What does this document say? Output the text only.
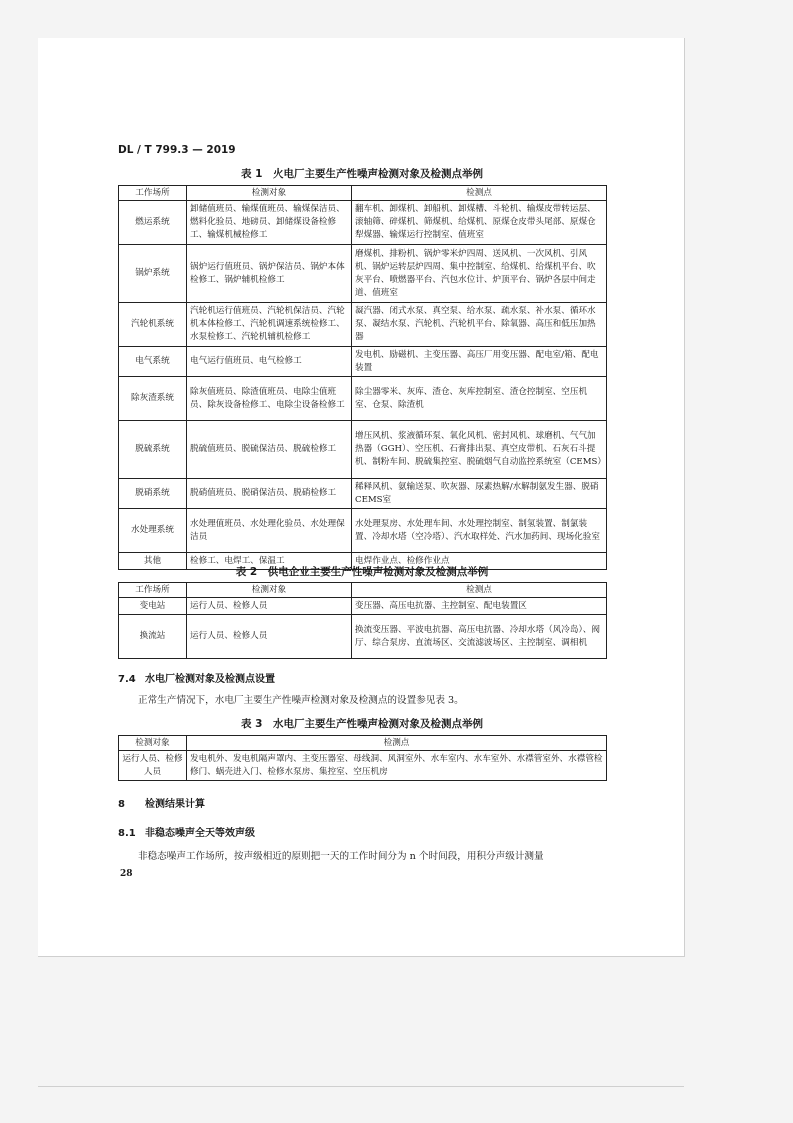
DL / T 799.3 — 2019
表 1　火电厂主要生产性噪声检测对象及检测点举例
工作场所	检测对象	检测点
燃运系统	卸储值班员、输煤值班员、输煤保洁员、燃料化验员、地磅员、卸储煤设备检修工、输煤机械检修工	翻车机、卸煤机、卸船机、卸煤槽、斗轮机、输煤皮带转运层、滚轴筛、碎煤机、筛煤机、给煤机、原煤仓皮带头尾部、原煤仓犁煤器、输煤运行控制室、值班室
锅炉系统	锅炉运行值班员、锅炉保洁员、锅炉本体检修工、锅炉辅机检修工	磨煤机、排粉机、锅炉零米炉四周、送风机、一次风机、引风机、锅炉运转层炉四周、集中控制室、给煤机、给煤机平台、吹灰平台、喷燃器平台、汽包水位计、炉顶平台、锅炉各层中间走道、值班室
汽轮机系统	汽轮机运行值班员、汽轮机保洁员、汽轮机本体检修工、汽轮机调速系统检修工、水泵检修工、汽轮机辅机检修工	凝汽器、闭式水泵、真空泵、给水泵、疏水泵、补水泵、循环水泵、凝结水泵、汽轮机、汽轮机平台、除氧器、高压和低压加热器
电气系统	电气运行值班员、电气检修工	发电机、励磁机、主变压器、高压厂用变压器、配电室/箱、配电装置
除灰渣系统	除灰值班员、除渣值班员、电除尘值班员、除灰设备检修工、电除尘设备检修工	除尘器零米、灰库、渣仓、灰库控制室、渣仓控制室、空压机室、仓泵、除渣机
脱硫系统	脱硫值班员、脱硫保洁员、脱硫检修工	增压风机、浆液循环泵、氧化风机、密封风机、球磨机、气气加热器（GGH）、空压机、石膏排出泵、真空皮带机、石灰石斗提机、制粉车间、脱硫集控室、脱硫烟气自动监控系统室（CEMS）
脱硝系统	脱硝值班员、脱硝保洁员、脱硝检修工	稀释风机、氨输送泵、吹灰器、尿素热解/水解制氨发生器、脱硝CEMS室
水处理系统	水处理值班员、水处理化验员、水处理保洁员	水处理泵房、水处理车间、水处理控制室、制氢装置、制氯装置、冷却水塔（空冷塔）、汽水取样处、汽水加药间、现场化验室
其他	检修工、电焊工、保温工	电焊作业点、检修作业点
表 2　供电企业主要生产性噪声检测对象及检测点举例
工作场所	检测对象	检测点
变电站	运行人员、检修人员	变压器、高压电抗器、主控制室、配电装置区
换流站	运行人员、检修人员	换流变压器、平波电抗器、高压电抗器、冷却水塔（风冷岛）、阀厅、综合泵房、直流场区、交流滤波场区、主控制室、调相机
7.4 水电厂检测对象及检测点设置
正常生产情况下，水电厂主要生产性噪声检测对象及检测点的设置参见表 3。
表 3　水电厂主要生产性噪声检测对象及检测点举例
检测对象	检测点
运行人员、检修人员	发电机外、发电机隔声罩内、主变压器室、母线洞、风洞室外、水车室内、水车室外、水襟管室外、水襟管检修门、蜗壳进入门、检修水泵房、集控室、空压机房
8 检测结果计算
8.1 非稳态噪声全天等效声级
非稳态噪声工作场所，按声级相近的原则把一天的工作时间分为 n 个时间段，用积分声级计测量
28
